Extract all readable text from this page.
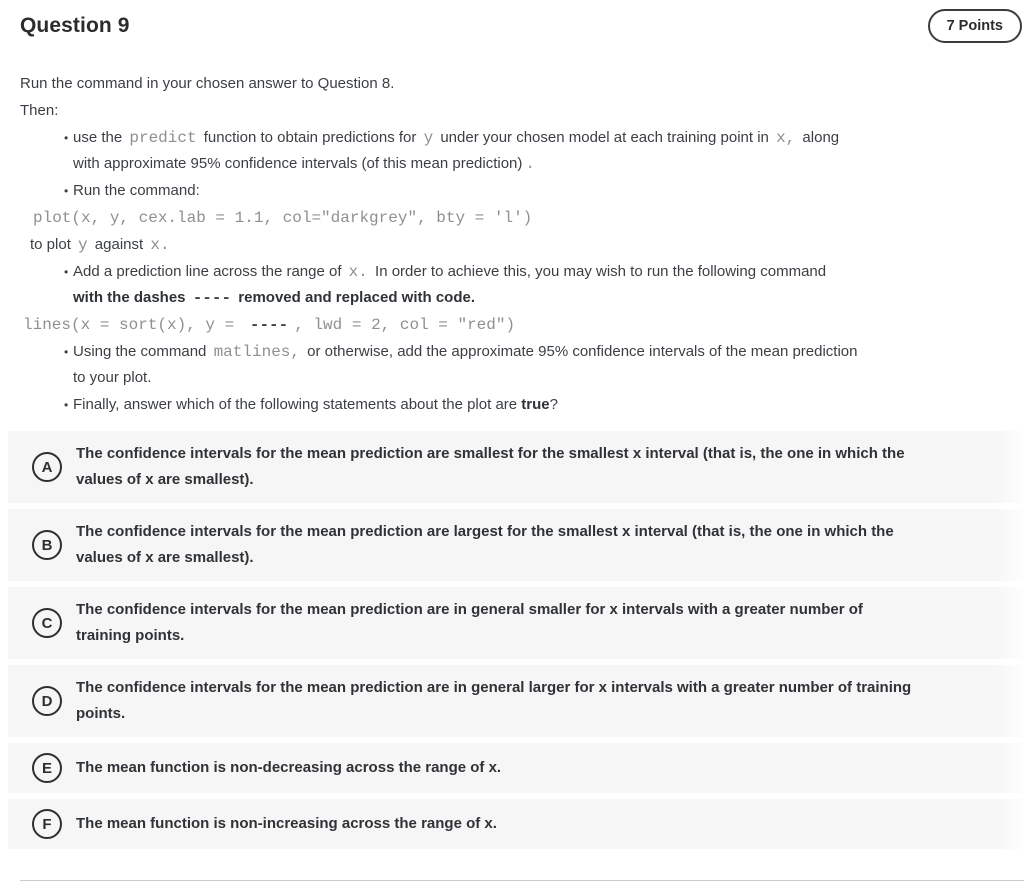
Question 9	7 Points
Run the command in your chosen answer to Question 8.
Then:
• use the predict function to obtain predictions for y under your chosen model at each training point in x, along
with approximate 95% confidence intervals (of this mean prediction) .
• Run the command:
plot(x, y, cex.lab = 1.1, col="darkgrey", bty = 'l')
to plot y against x.
• Add a prediction line across the range of x. In order to achieve this, you may wish to run the following command
with the dashes ---- removed and replaced with code.
lines(x = sort(x), y = ---- , lwd = 2, col = "red")
• Using the command matlines, or otherwise, add the approximate 95% confidence intervals of the mean prediction
to your plot.
• Finally, answer which of the following statements about the plot are true?
A
The confidence intervals for the mean prediction are smallest for the smallest x interval (that is, the one in which the
values of x are smallest).
B
The confidence intervals for the mean prediction are largest for the smallest x interval (that is, the one in which the
values of x are smallest).
C
The confidence intervals for the mean prediction are in general smaller for x intervals with a greater number of
training points.
D
The confidence intervals for the mean prediction are in general larger for x intervals with a greater number of training
points.
E	The mean function is non-decreasing across the range of x.
F	The mean function is non-increasing across the range of x.
